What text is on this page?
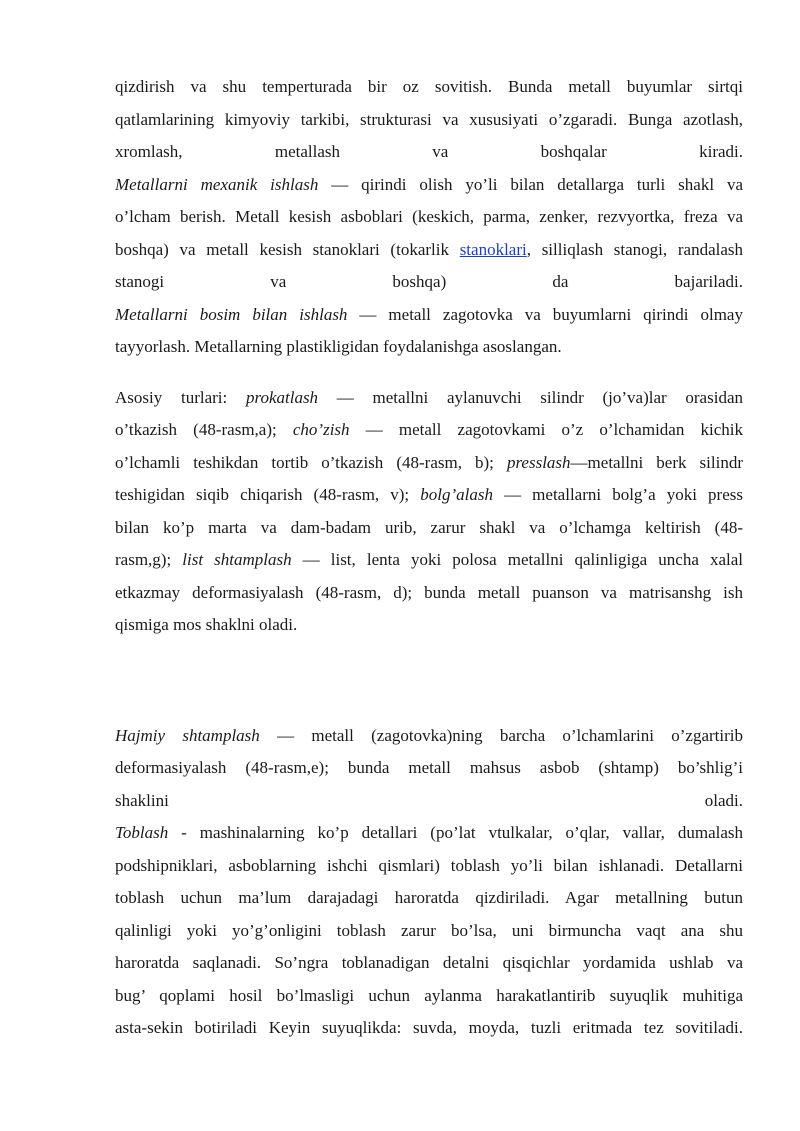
qizdirish va shu temperturada bir oz sovitish. Bunda metall buyumlar sirtqi
qatlamlarining kimyoviy tarkibi, strukturasi va xususiyati o’zgaradi. Bunga azotlash,
xromlash, metallash va boshqalar kiradi.
Metallarni mexanik ishlash — qirindi olish yo’li bilan detallarga turli shakl va
o’lcham berish. Metall kesish asboblari (keskich, parma, zenker, rezvyortka, freza va
boshqa) va metall kesish stanoklari (tokarlik stanoklari, silliqlash stanogi, randalash
stanogi va boshqa) da bajariladi.
Metallarni bosim bilan ishlash — metall zagotovka va buyumlarni qirindi olmay
tayyorlash. Metallarning plastikligidan foydalanishga asoslangan.
Asosiy turlari: prokatlash — metallni aylanuvchi silindr (jo’va)lar orasidan
o’tkazish (48-rasm,a); cho’zish — metall zagotovkami o’z o’lchamidan kichik
o’lchamli teshikdan tortib o’tkazish (48-rasm, b); presslash—metallni berk silindr
teshigidan siqib chiqarish (48-rasm, v); bolg’alash — metallarni bolg’a yoki press
bilan ko’p marta va dam-badam urib, zarur shakl va o’lchamga keltirish (48-
rasm,g); list shtamplash — list, lenta yoki polosa metallni qalinligiga uncha xalal
etkazmay deformasiyalash (48-rasm, d); bunda metall puanson va matrisanshg ish
qismiga mos shaklni oladi.
Hajmiy shtamplash — metall (zagotovka)ning barcha o’lchamlarini o’zgartirib
deformasiyalash (48-rasm,e); bunda metall mahsus asbob (shtamp) bo’shlig’i
shaklini oladi.
Toblash - mashinalarning ko’p detallari (po’lat vtulkalar, o’qlar, vallar, dumalash
podshipniklari, asboblarning ishchi qismlari) toblash yo’li bilan ishlanadi. Detallarni
toblash uchun ma’lum darajadagi haroratda qizdiriladi. Agar metallning butun
qalinligi yoki yo’g’onligini toblash zarur bo’lsa, uni birmuncha vaqt ana shu
haroratda saqlanadi. So’ngra toblanadigan detalni qisqichlar yordamida ushlab va
bug’ qoplami hosil bo’lmasligi uchun aylanma harakatlantirib suyuqlik muhitiga
asta-sekin botiriladi Keyin suyuqlikda: suvda, moyda, tuzli eritmada tez sovitiladi.
